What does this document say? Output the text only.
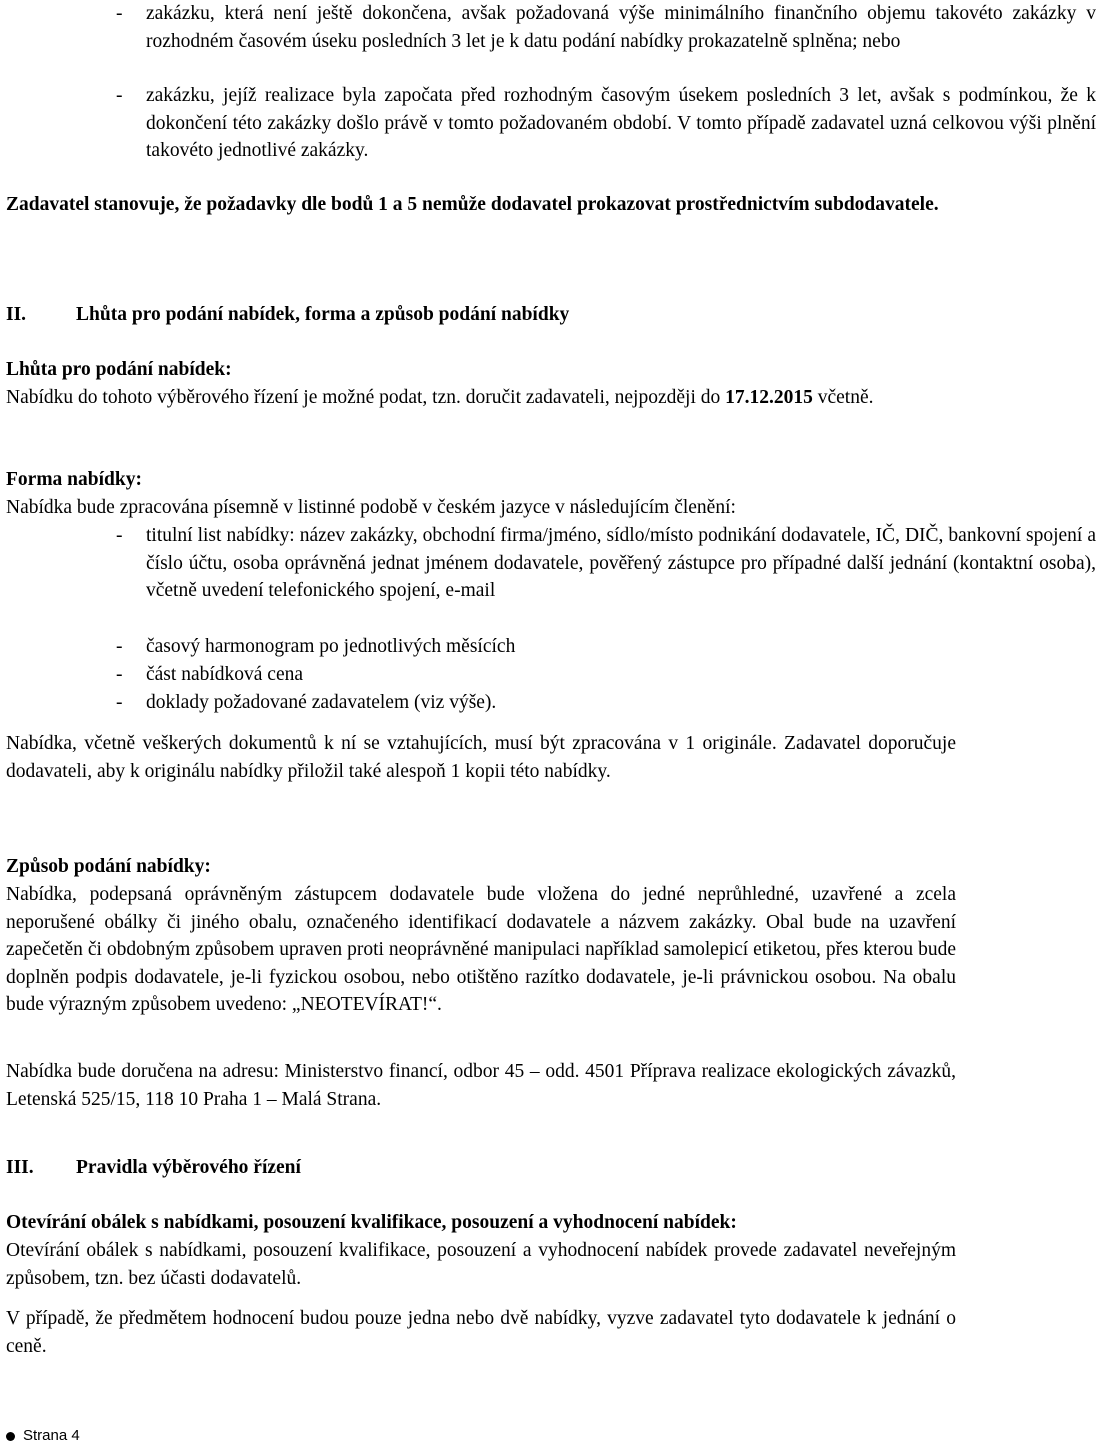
- zakázku, která není ještě dokončena, avšak požadovaná výše minimálního finančního objemu takovéto zakázky v rozhodném časovém úseku posledních 3 let je k datu podání nabídky prokazatelně splněna; nebo
- zakázku, jejíž realizace byla započata před rozhodným časovým úsekem posledních 3 let, avšak s podmínkou, že k dokončení této zakázky došlo právě v tomto požadovaném období. V tomto případě zadavatel uzná celkovou výši plnění takovéto jednotlivé zakázky.

Zadavatel stanovuje, že požadavky dle bodů 1 a 5 nemůže dodavatel prokazovat prostřednictvím subdodavatele.

II.	Lhůta pro podání nabídek, forma a způsob podání nabídky

Lhůta pro podání nabídek:

Nabídku do tohoto výběrového řízení je možné podat, tzn. doručit zadavateli, nejpozději do 17.12.2015 včetně.

Forma nabídky:

Nabídka bude zpracována písemně v listinné podobě v českém jazyce v následujícím členění:

- titulní list nabídky: název zakázky, obchodní firma/jméno, sídlo/místo podnikání dodavatele, IČ, DIČ, bankovní spojení a číslo účtu, osoba oprávněná jednat jménem dodavatele, pověřený zástupce pro případné další jednání (kontaktní osoba), včetně uvedení telefonického spojení, e-mail
- časový harmonogram po jednotlivých měsících
- část nabídková cena
- doklady požadované zadavatelem (viz výše).

Nabídka, včetně veškerých dokumentů k ní se vztahujících, musí být zpracována v 1 originále. Zadavatel doporučuje dodavateli, aby k originálu nabídky přiložil také alespoň 1 kopii této nabídky.

Způsob podání nabídky:

Nabídka, podepsaná oprávněným zástupcem dodavatele bude vložena do jedné neprůhledné, uzavřené a zcela neporušené obálky či jiného obalu, označeného identifikací dodavatele a názvem zakázky. Obal bude na uzavření zapečetěn či obdobným způsobem upraven proti neoprávněné manipulaci například samolepicí etiketou, přes kterou bude doplněn podpis dodavatele, je-li fyzickou osobou, nebo otištěno razítko dodavatele, je-li právnickou osobou. Na obalu bude výrazným způsobem uvedeno: „NEOTEVÍRAT!“.

Nabídka bude doručena na adresu: Ministerstvo financí, odbor 45 – odd. 4501 Příprava realizace ekologických závazků, Letenská 525/15, 118 10 Praha 1 – Malá Strana.

III.	Pravidla výběrového řízení

Otevírání obálek s nabídkami, posouzení kvalifikace, posouzení a vyhodnocení nabídek:

Otevírání obálek s nabídkami, posouzení kvalifikace, posouzení a vyhodnocení nabídek provede zadavatel neveřejným způsobem, tzn. bez účasti dodavatelů.

V případě, že předmětem hodnocení budou pouze jedna nebo dvě nabídky, vyzve zadavatel tyto dodavatele k jednání o ceně.

Strana 4
